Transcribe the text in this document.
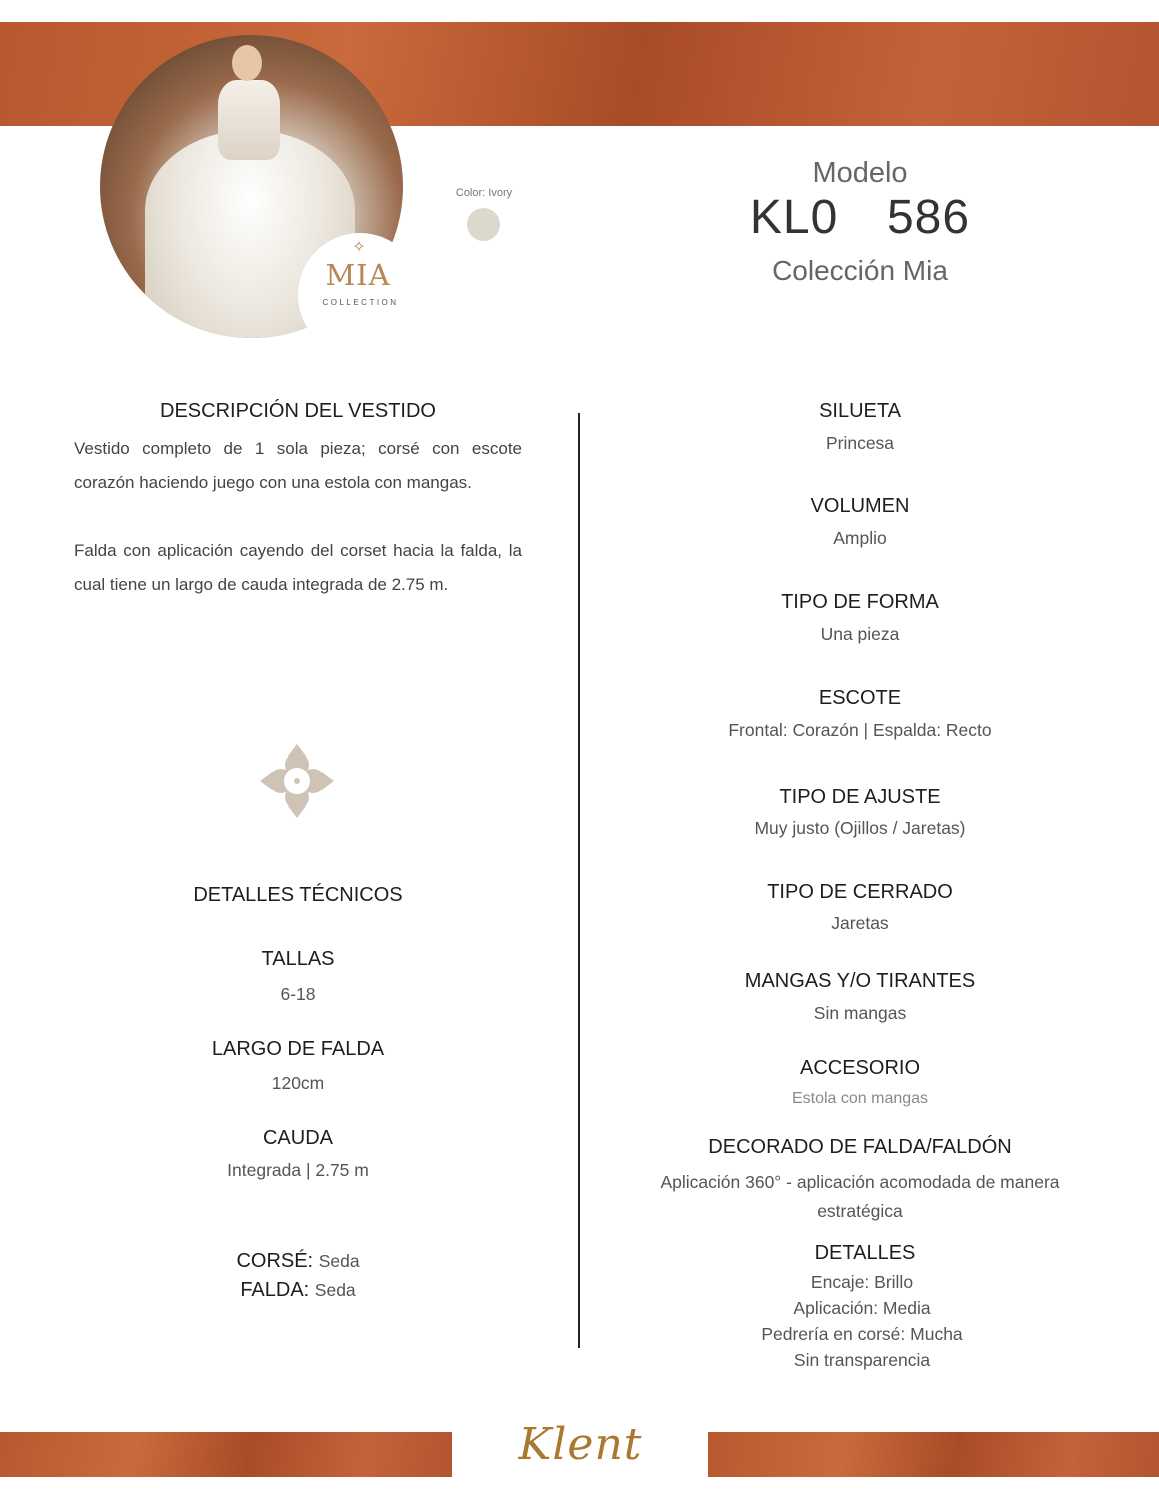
✧
MIA
COLLECTION
Color: Ivory
Modelo
KL0  586
Colección Mia
DESCRIPCIÓN DEL VESTIDO

Vestido completo de 1 sola pieza; corsé con escote corazón haciendo juego con una estola con mangas.

Falda con aplicación cayendo del corset hacia la falda, la cual tiene un largo de cauda integrada de 2.75 m.

DETALLES TÉCNICOS
TALLAS
6-18
LARGO DE FALDA
120cm
CAUDA
Integrada | 2.75 m
CORSÉ: Seda
FALDA: Seda
SILUETA
Princesa
VOLUMEN
Amplio
TIPO DE FORMA
Una pieza
ESCOTE
Frontal: Corazón | Espalda: Recto
TIPO DE AJUSTE
Muy justo (Ojillos / Jaretas)
TIPO DE CERRADO
Jaretas
MANGAS Y/O TIRANTES
Sin mangas
ACCESORIO
Estola con mangas
DECORADO DE FALDA/FALDÓN
Aplicación 360° - aplicación acomodada de manera estratégica
DETALLES
Encaje: Brillo
Aplicación: Media
Pedrería en corsé: Mucha
Sin transparencia
Klent
